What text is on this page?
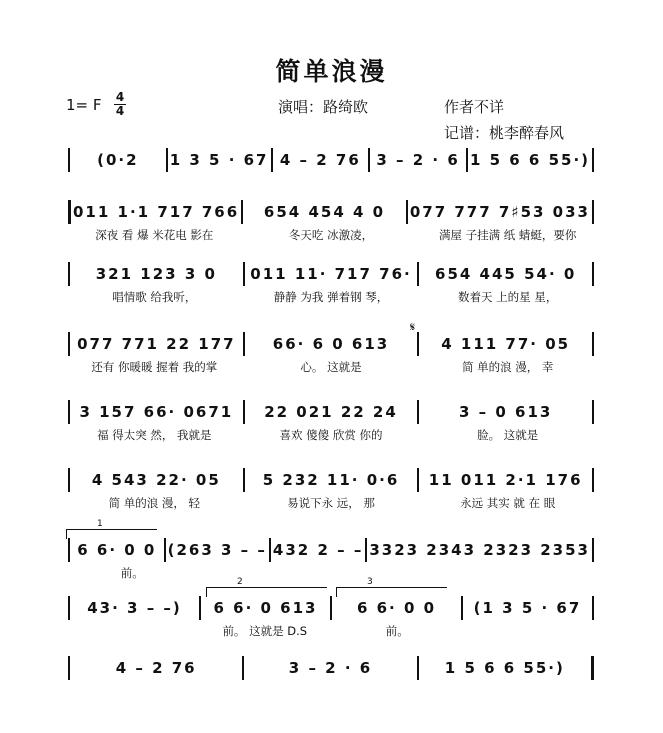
简单浪漫
1= F 4
4	演唱：路绮欧	作者不详
记谱：桃李醉春风
(0·2	1 3 5 · 67 4 – 2 76	3 – 2 · 6 1 5 6 6 55·)
011 1·1 717 766	654 454 4 0	077 777 7♯53 033
深夜 看 爆 米花电 影在	冬天吃 冰激凌，	满屋 子挂满 纸 蜻蜓，要你
321 123 3 0	011 11· 717 76·	654 445 54· 0
唱情歌 给我听，	静静 为我 弹着钢 琴，	数着天 上的星 星，
077 771 22 177	66· 6 0 613	4 111 77· 05
还有 你暖暖 握着 我的掌	心。 这就是	简 单的浪 漫， 幸
𝄋
3 157 66· 0671	22 021 22 24	3 – 0 613
福 得太突 然， 我就是	喜欢 傻傻 欣赏 你的	脸。 这就是
4 543 22· 05	5 232 11· 0·6	11 011 2·1 176
简 单的浪 漫， 轻	易说下永 远， 那	永远 其实 就 在 眼
6 6· 0 0 (263 3 – – 432 2 – – 3323 2343 2323 2353
前。
1
43· 3 – –)	6 6· 0 613	6 6· 0 0	(1 3 5 · 67
前。 这就是 D.S	前。
2	3
4 – 2 76	3 – 2 · 6	1 5 6 6 55·)
